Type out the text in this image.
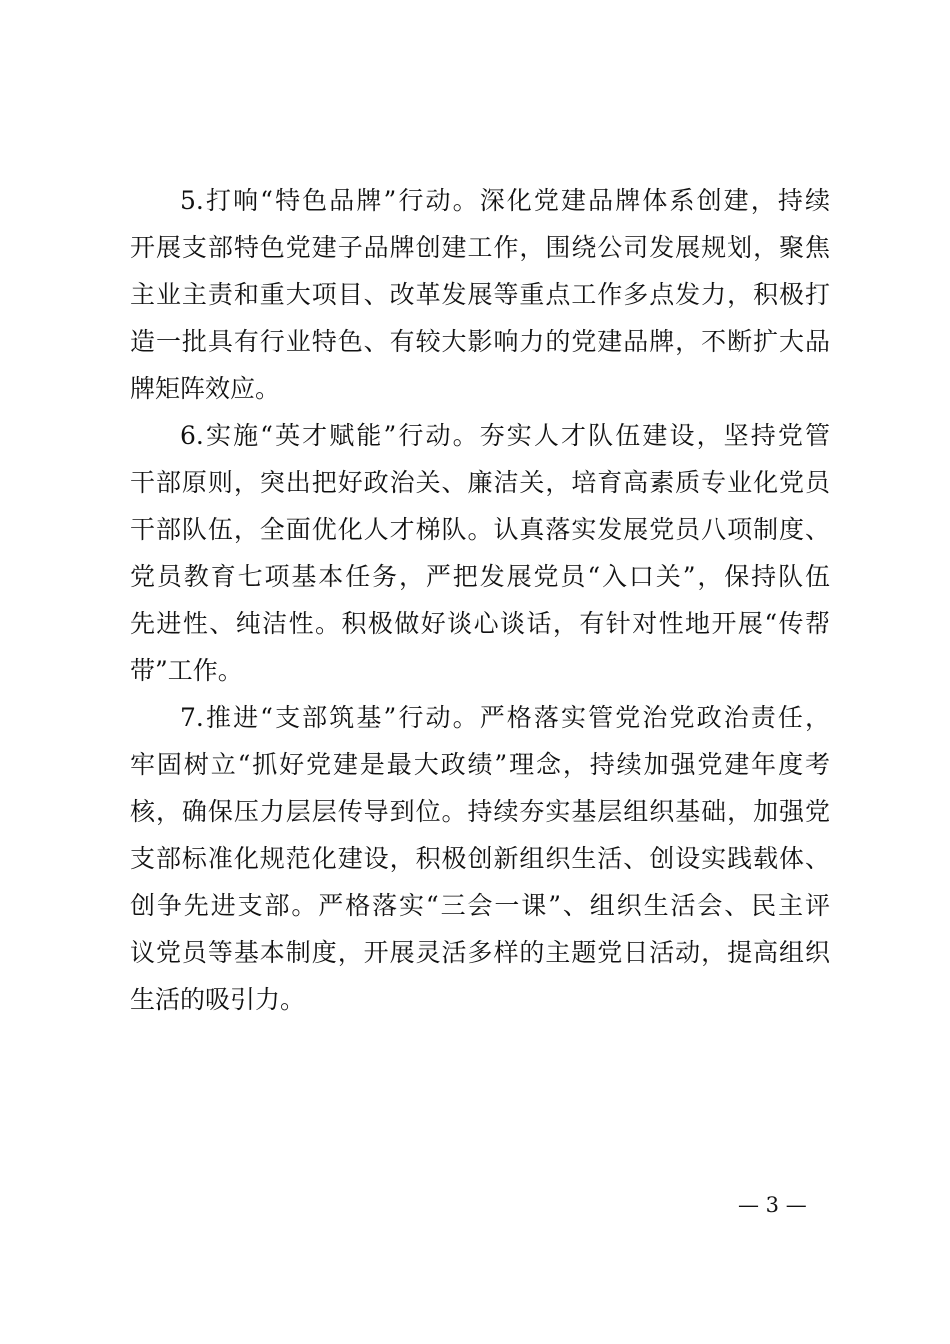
5.打响“特色品牌”行动。深化党建品牌体系创建，持续
开展支部特色党建子品牌创建工作，围绕公司发展规划，聚焦
主业主责和重大项目、改革发展等重点工作多点发力，积极打
造一批具有行业特色、有较大影响力的党建品牌，不断扩大品
牌矩阵效应。
6.实施“英才赋能”行动。夯实人才队伍建设，坚持党管
干部原则，突出把好政治关、廉洁关，培育高素质专业化党员
干部队伍，全面优化人才梯队。认真落实发展党员八项制度、
党员教育七项基本任务，严把发展党员“入口关”，保持队伍
先进性、纯洁性。积极做好谈心谈话，有针对性地开展“传帮
带”工作。
7.推进“支部筑基”行动。严格落实管党治党政治责任，
牢固树立“抓好党建是最大政绩”理念，持续加强党建年度考
核，确保压力层层传导到位。持续夯实基层组织基础，加强党
支部标准化规范化建设，积极创新组织生活、创设实践载体、
创争先进支部。严格落实“三会一课”、组织生活会、民主评
议党员等基本制度，开展灵活多样的主题党日活动，提高组织
生活的吸引力。
— 3 —
